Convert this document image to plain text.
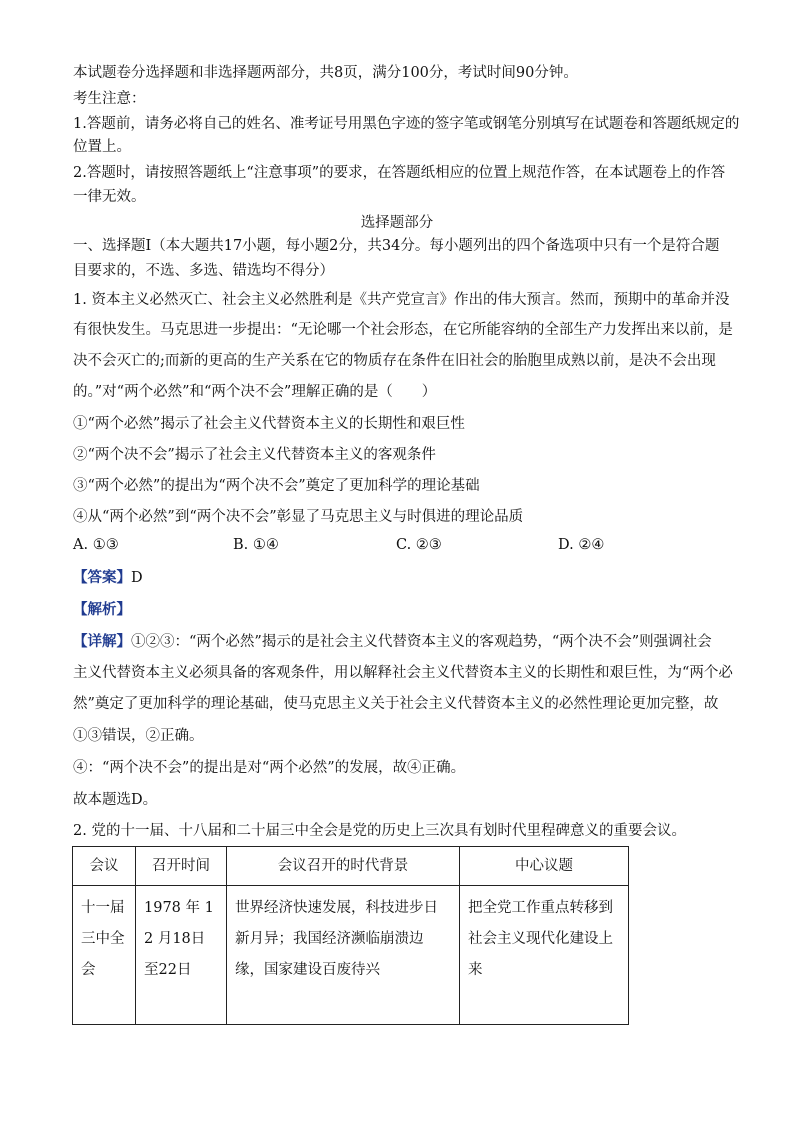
本试题卷分选择题和非选择题两部分，共8页，满分100分，考试时间90分钟。
考生注意：
1.答题前，请务必将自己的姓名、准考证号用黑色字迹的签字笔或钢笔分别填写在试题卷和答题纸规定的
位置上。
2.答题时，请按照答题纸上“注意事项”的要求，在答题纸相应的位置上规范作答，在本试题卷上的作答
一律无效。
选择题部分
一、选择题Ⅰ（本大题共17小题，每小题2分，共34分。每小题列出的四个备选项中只有一个是符合题
目要求的，不选、多选、错选均不得分）
1. 资本主义必然灭亡、社会主义必然胜利是《共产党宣言》作出的伟大预言。然而，预期中的革命并没
有很快发生。马克思进一步提出：“无论哪一个社会形态，在它所能容纳的全部生产力发挥出来以前，是
决不会灭亡的;而新的更高的生产关系在它的物质存在条件在旧社会的胎胞里成熟以前，是决不会出现
的。”对“两个必然”和“两个决不会”理解正确的是（　　）
①“两个必然”揭示了社会主义代替资本主义的长期性和艰巨性
②“两个决不会”揭示了社会主义代替资本主义的客观条件
③“两个必然”的提出为“两个决不会”奠定了更加科学的理论基础
④从“两个必然”到“两个决不会”彰显了马克思主义与时俱进的理论品质
A. ①③	B. ①④	C. ②③	D. ②④
【答案】D
【解析】
【详解】①②③：“两个必然”揭示的是社会主义代替资本主义的客观趋势，“两个决不会”则强调社会
主义代替资本主义必须具备的客观条件，用以解释社会主义代替资本主义的长期性和艰巨性，为“两个必
然”奠定了更加科学的理论基础，使马克思主义关于社会主义代替资本主义的必然性理论更加完整，故
①③错误，②正确。
④：“两个决不会”的提出是对“两个必然”的发展，故④正确。
故本题选D。
2. 党的十一届、十八届和二十届三中全会是党的历史上三次具有划时代里程碑意义的重要会议。
会议	召开时间	会议召开的时代背景	中心议题
十一届三中全会	1978 年 12 月18日至22日	世界经济快速发展，科技进步日新月异；我国经济濒临崩溃边缘，国家建设百废待兴	把全党工作重点转移到社会主义现代化建设上来
